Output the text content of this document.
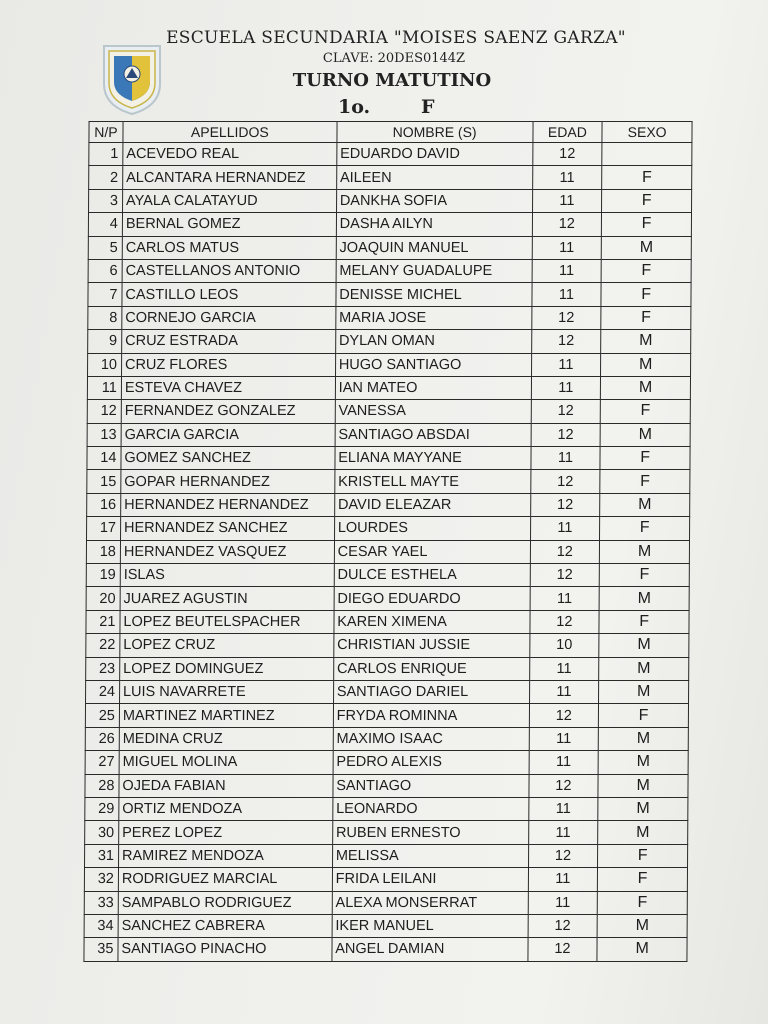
ESCUELA SECUNDARIA "MOISES SAENZ GARZA"
CLAVE: 20DES0144Z
TURNO MATUTINO
1o.	F
N/P	APELLIDOS	NOMBRE (S)	EDAD	SEXO
1	ACEVEDO REAL	EDUARDO DAVID	12	
2	ALCANTARA HERNANDEZ	AILEEN	11	F
3	AYALA CALATAYUD	DANKHA SOFIA	11	F
4	BERNAL GOMEZ	DASHA AILYN	12	F
5	CARLOS MATUS	JOAQUIN MANUEL	11	M
6	CASTELLANOS ANTONIO	MELANY GUADALUPE	11	F
7	CASTILLO LEOS	DENISSE MICHEL	11	F
8	CORNEJO GARCIA	MARIA JOSE	12	F
9	CRUZ ESTRADA	DYLAN OMAN	12	M
10	CRUZ FLORES	HUGO SANTIAGO	11	M
11	ESTEVA CHAVEZ	IAN MATEO	11	M
12	FERNANDEZ GONZALEZ	VANESSA	12	F
13	GARCIA GARCIA	SANTIAGO ABSDAI	12	M
14	GOMEZ SANCHEZ	ELIANA MAYYANE	11	F
15	GOPAR HERNANDEZ	KRISTELL MAYTE	12	F
16	HERNANDEZ HERNANDEZ	DAVID ELEAZAR	12	M
17	HERNANDEZ SANCHEZ	LOURDES	11	F
18	HERNANDEZ VASQUEZ	CESAR YAEL	12	M
19	ISLAS	DULCE ESTHELA	12	F
20	JUAREZ AGUSTIN	DIEGO EDUARDO	11	M
21	LOPEZ BEUTELSPACHER	KAREN XIMENA	12	F
22	LOPEZ CRUZ	CHRISTIAN JUSSIE	10	M
23	LOPEZ DOMINGUEZ	CARLOS ENRIQUE	11	M
24	LUIS NAVARRETE	SANTIAGO DARIEL	11	M
25	MARTINEZ MARTINEZ	FRYDA ROMINNA	12	F
26	MEDINA CRUZ	MAXIMO ISAAC	11	M
27	MIGUEL MOLINA	PEDRO ALEXIS	11	M
28	OJEDA FABIAN	SANTIAGO	12	M
29	ORTIZ MENDOZA	LEONARDO	11	M
30	PEREZ LOPEZ	RUBEN ERNESTO	11	M
31	RAMIREZ MENDOZA	MELISSA	12	F
32	RODRIGUEZ MARCIAL	FRIDA LEILANI	11	F
33	SAMPABLO RODRIGUEZ	ALEXA MONSERRAT	11	F
34	SANCHEZ CABRERA	IKER MANUEL	12	M
35	SANTIAGO PINACHO	ANGEL DAMIAN	12	M
